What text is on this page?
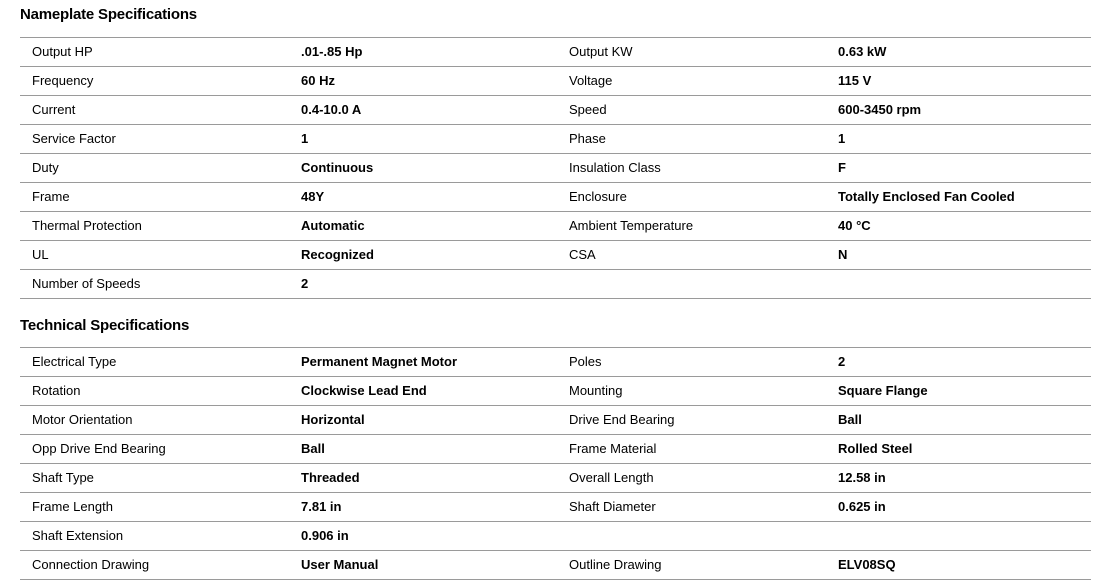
Nameplate Specifications
Output HP	.01-.85 Hp	Output KW	0.63 kW
Frequency	60 Hz	Voltage	115 V
Current	0.4-10.0 A	Speed	600-3450 rpm
Service Factor	1	Phase	1
Duty	Continuous	Insulation Class	F
Frame	48Y	Enclosure	Totally Enclosed Fan Cooled
Thermal Protection	Automatic	Ambient Temperature	40 °C
UL	Recognized	CSA	N
Number of Speeds	2
Technical Specifications
Electrical Type	Permanent Magnet Motor	Poles	2
Rotation	Clockwise Lead End	Mounting	Square Flange
Motor Orientation	Horizontal	Drive End Bearing	Ball
Opp Drive End Bearing	Ball	Frame Material	Rolled Steel
Shaft Type	Threaded	Overall Length	12.58 in
Frame Length	7.81 in	Shaft Diameter	0.625 in
Shaft Extension	0.906 in
Connection Drawing	User Manual	Outline Drawing	ELV08SQ
